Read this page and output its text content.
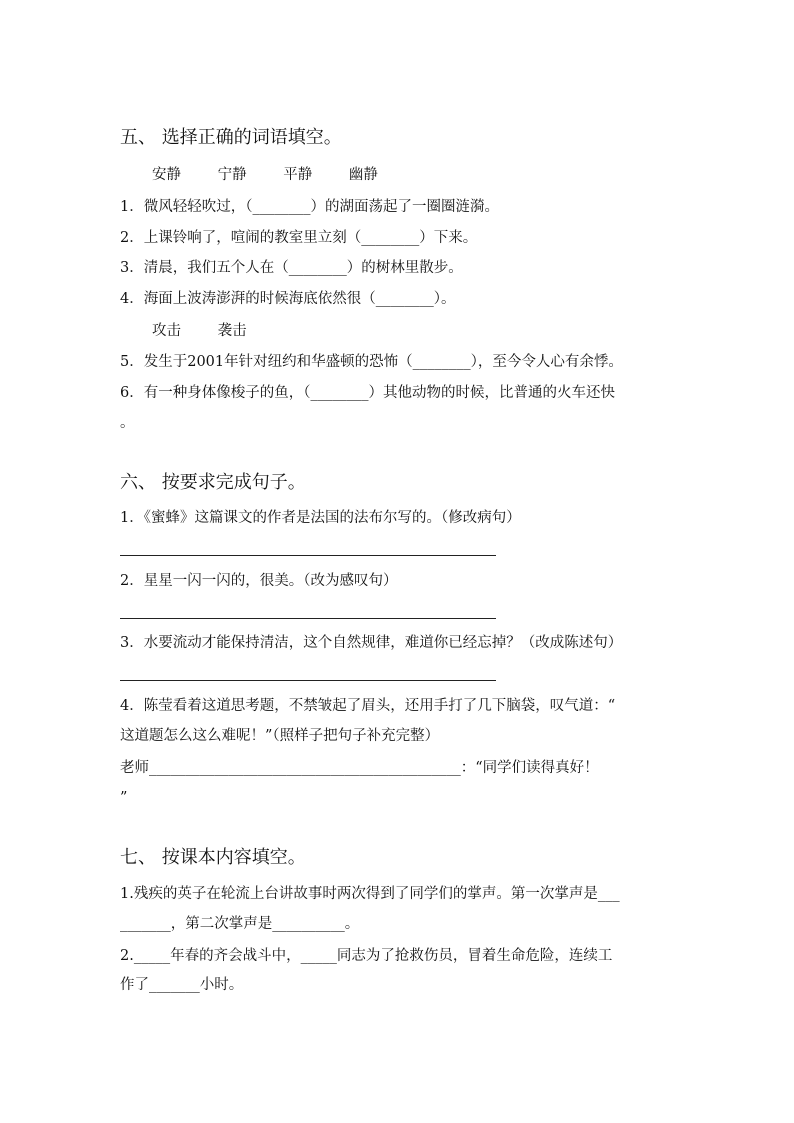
五、 选择正确的词语填空。
安静	宁静	平静	幽静
1．微风轻轻吹过，（________）的湖面荡起了一圈圈涟漪。
2．上课铃响了，喧闹的教室里立刻（________）下来。
3．清晨，我们五个人在（________）的树林里散步。
4．海面上波涛澎湃的时候海底依然很（________）。
攻击	袭击
5．发生于2001年针对纽约和华盛顿的恐怖（________），至今令人心有余悸。
6．有一种身体像梭子的鱼，（________）其他动物的时候，比普通的火车还快
。
六、 按要求完成句子。
1．《蜜蜂》这篇课文的作者是法国的法布尔写的。（修改病句）
2．星星一闪一闪的，很美。（改为感叹句）
3．水要流动才能保持清洁，这个自然规律，难道你已经忘掉？（改成陈述句）
4．陈莹看着这道思考题，不禁皱起了眉头，还用手打了几下脑袋，叹气道：“
这道题怎么这么难呢！”（照样子把句子补充完整）
老师___________________________________________：“同学们读得真好！
”
七、 按课本内容填空。
1.残疾的英子在轮流上台讲故事时两次得到了同学们的掌声。第一次掌声是___
_______，第二次掌声是__________。
2._____年春的齐会战斗中，_____同志为了抢救伤员，冒着生命危险，连续工
作了_______小时。
